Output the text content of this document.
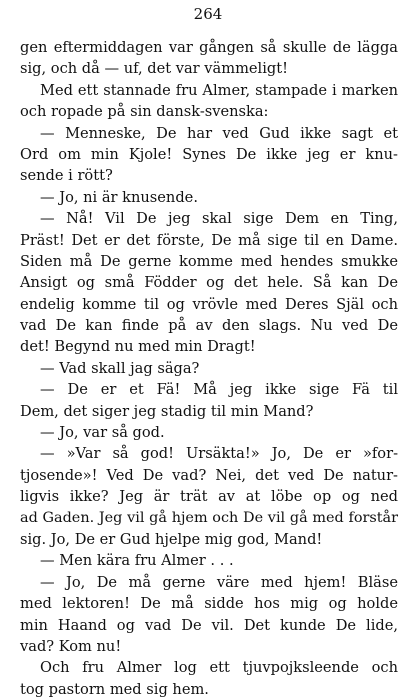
264
gen eftermiddagen var gången så skulle de lägga
sig, och då — uf, det var vämmeligt!
Med ett stannade fru Almer, stampade i marken
och ropade på sin dansk-svenska:
— Menneske, De har ved Gud ikke sagt et
Ord om min Kjole! Synes De ikke jeg er knu-
sende i rött?
— Jo, ni är knusende.
— Nå! Vil De jeg skal sige Dem en Ting,
Präst! Det er det förste, De må sige til en Dame.
Siden må De gerne komme med hendes smukke
Ansigt og små Födder og det hele. Så kan De
endelig komme til og vrövle med Deres Själ och
vad De kan finde på av den slags. Nu ved De
det! Begynd nu med min Dragt!
— Vad skall jag säga?
— De er et Fä! Må jeg ikke sige Fä til
Dem, det siger jeg stadig til min Mand?
— Jo, var så god.
— »Var så god! Ursäkta!» Jo, De er »for-
tjosende»! Ved De vad? Nei, det ved De natur-
ligvis ikke? Jeg är trät av at löbe op og ned
ad Gaden. Jeg vil gå hjem och De vil gå med forstår
sig. Jo, De er Gud hjelpe mig god, Mand!
— Men kära fru Almer . . .
— Jo, De må gerne väre med hjem! Bläse
med lektoren! De må sidde hos mig og holde
min Haand og vad De vil. Det kunde De lide,
vad? Kom nu!
Och fru Almer log ett tjuvpojksleende och
tog pastorn med sig hem.
